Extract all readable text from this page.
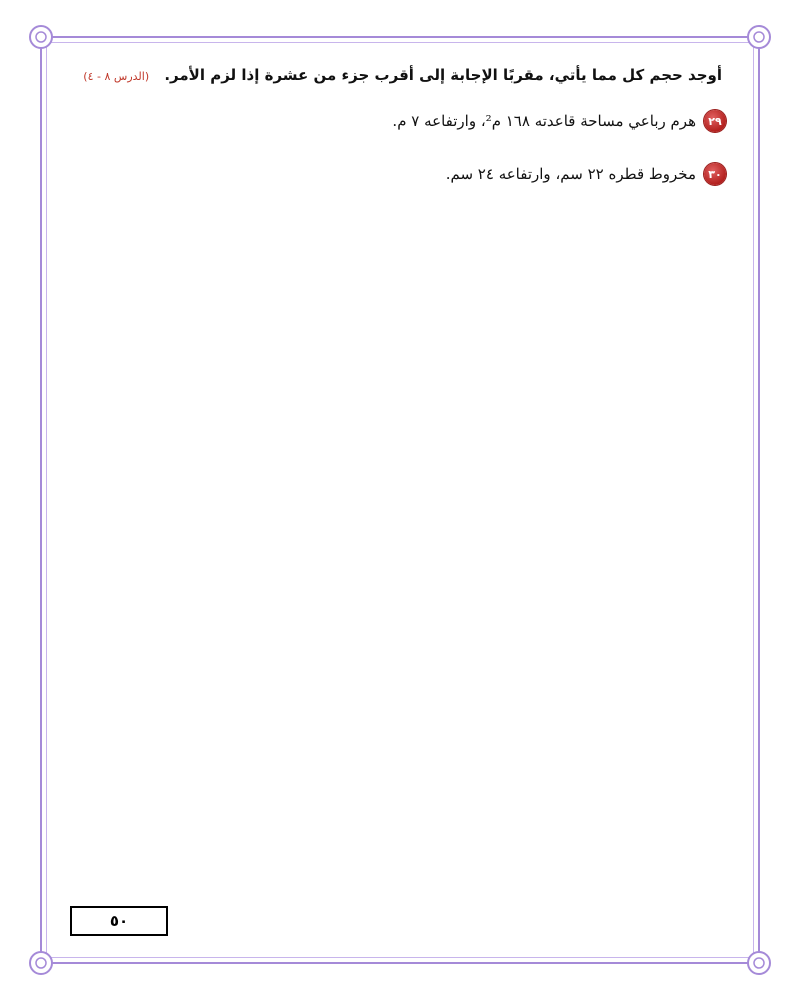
أوجد حجم كل مما يأتي، مقربًا الإجابة إلى أقرب جزء من عشرة إذا لزم الأمر. (الدرس ٨ - ٤)
٢٩
هرم رباعي مساحة قاعدته ١٦٨ م²، وارتفاعه ٧ م.
٣٠
مخروط قطره ٢٢ سم، وارتفاعه ٢٤ سم.
٥٠
